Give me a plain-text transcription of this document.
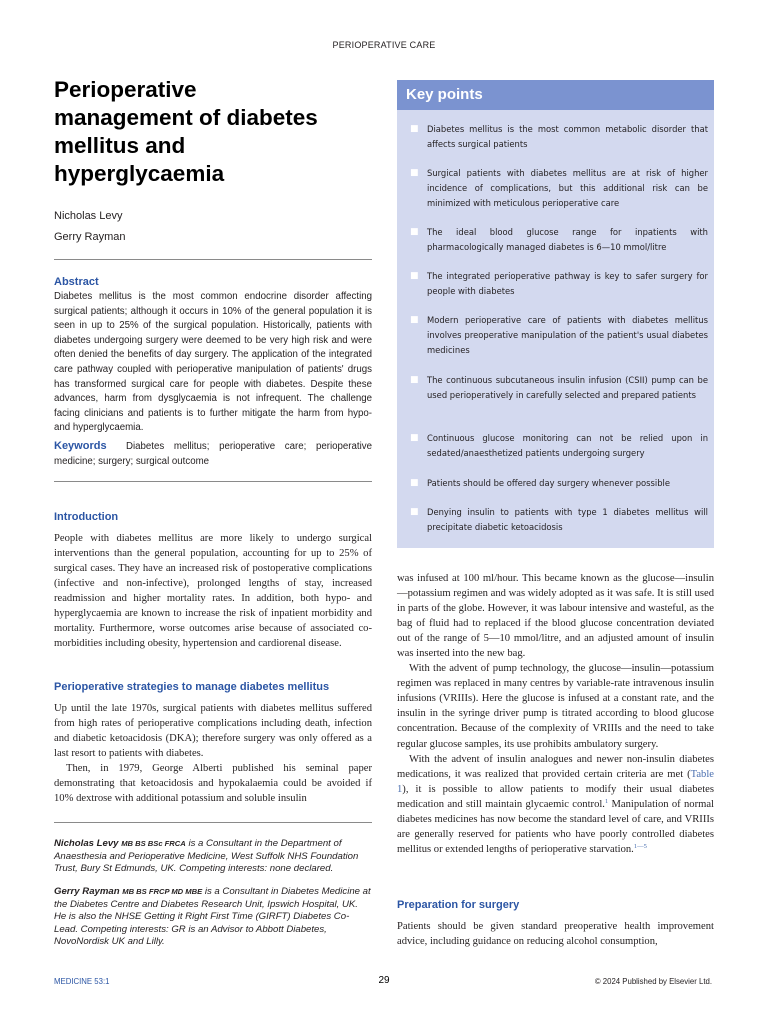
PERIOPERATIVE CARE
Perioperative
management of diabetes
mellitus and
hyperglycaemia
Nicholas Levy
Gerry Rayman
Abstract

Diabetes mellitus is the most common endocrine disorder affecting surgical patients; although it occurs in 10% of the general population it is seen in up to 25% of the surgical population. Historically, patients with diabetes undergoing surgery were deemed to be very high risk and were often denied the benefits of day surgery. The application of the integrated care pathway coupled with perioperative manipulation of patients' drugs has transformed surgical care for people with diabetes. Despite these advances, harm from dysglycaemia is not infrequent. The challenge facing clinicians and patients is to further mitigate the harm from hypo- and hyperglycaemia.

Keywords Diabetes mellitus; perioperative care; perioperative medicine; surgery; surgical outcome

Introduction

People with diabetes mellitus are more likely to undergo surgical interventions than the general population, accounting for up to 25% of surgical cases. They have an increased risk of postoperative complications (infective and non-infective), prolonged lengths of stay, increased readmission and higher mortality rates. In addition, both hypo- and hyperglycaemia are known to increase the risk of inpatient morbidity and mortality. Furthermore, worse outcomes arise because of associated co-morbidities including obesity, hypertension and cardiorenal disease.

Perioperative strategies to manage diabetes mellitus

Up until the late 1970s, surgical patients with diabetes mellitus suffered from high rates of perioperative complications including death, infection and diabetic ketoacidosis (DKA); therefore surgery was only offered as a last resort to patients with diabetes.

Then, in 1979, George Alberti published his seminal paper demonstrating that ketoacidosis and hypokalaemia could be avoided if 10% dextrose with additional potassium and soluble insulin

Nicholas Levy MB BS BSc FRCA is a Consultant in the Department of Anaesthesia and Perioperative Medicine, West Suffolk NHS Foundation Trust, Bury St Edmunds, UK. Competing interests: none declared.
Gerry Rayman MB BS FRCP MD MBE is a Consultant in Diabetes Medicine at the Diabetes Centre and Diabetes Research Unit, Ipswich Hospital, UK. He is also the NHSE Getting it Right First Time (GIRFT) Diabetes Co-Lead. Competing interests: GR is an Advisor to Abbott Diabetes, NovoNordisk UK and Lilly.
Key points
■ Diabetes mellitus is the most common metabolic disorder that affects surgical patients
■ Surgical patients with diabetes mellitus are at risk of higher incidence of complications, but this additional risk can be minimized with meticulous perioperative care
■ The ideal blood glucose range for inpatients with pharmacologically managed diabetes is 6—10 mmol/litre
■ The integrated perioperative pathway is key to safer surgery for people with diabetes
■ Modern perioperative care of patients with diabetes mellitus involves preoperative manipulation of the patient's usual diabetes medicines
■ The continuous subcutaneous insulin infusion (CSII) pump can be used perioperatively in carefully selected and prepared patients
■ Continuous glucose monitoring can not be relied upon in sedated/anaesthetized patients undergoing surgery
■ Patients should be offered day surgery whenever possible
■ Denying insulin to patients with type 1 diabetes mellitus will precipitate diabetic ketoacidosis

was infused at 100 ml/hour. This became known as the glucose—insulin—potassium regimen and was widely adopted as it was safe. It is still used in parts of the globe. However, it was labour intensive and wasteful, as the bag of fluid had to replaced if the blood glucose concentration deviated out of the range of 5—10 mmol/litre, and an adjusted amount of insulin was inserted into the new bag.

With the advent of pump technology, the glucose—insulin—potassium regimen was replaced in many centres by variable-rate intravenous insulin infusions (VRIIIs). Here the glucose is infused at a constant rate, and the insulin in the syringe driver pump is titrated according to blood glucose concentration. Because of the complexity of VRIIIs and the need to take regular glucose samples, its use prohibits ambulatory surgery.

With the advent of insulin analogues and newer non-insulin diabetes medications, it was realized that provided certain criteria are met (Table 1), it is possible to allow patients to modify their usual diabetes medication and still maintain glycaemic control.$^1$ Manipulation of normal diabetes medicines has now become the standard level of care, and VRIIIs are generally reserved for patients who have poorly controlled diabetes mellitus or extended lengths of perioperative starvation.$^{1—5}$

Preparation for surgery

Patients should be given standard preoperative health improvement advice, including guidance on reducing alcohol consumption,

MEDICINE 53:1	29	© 2024 Published by Elsevier Ltd.
